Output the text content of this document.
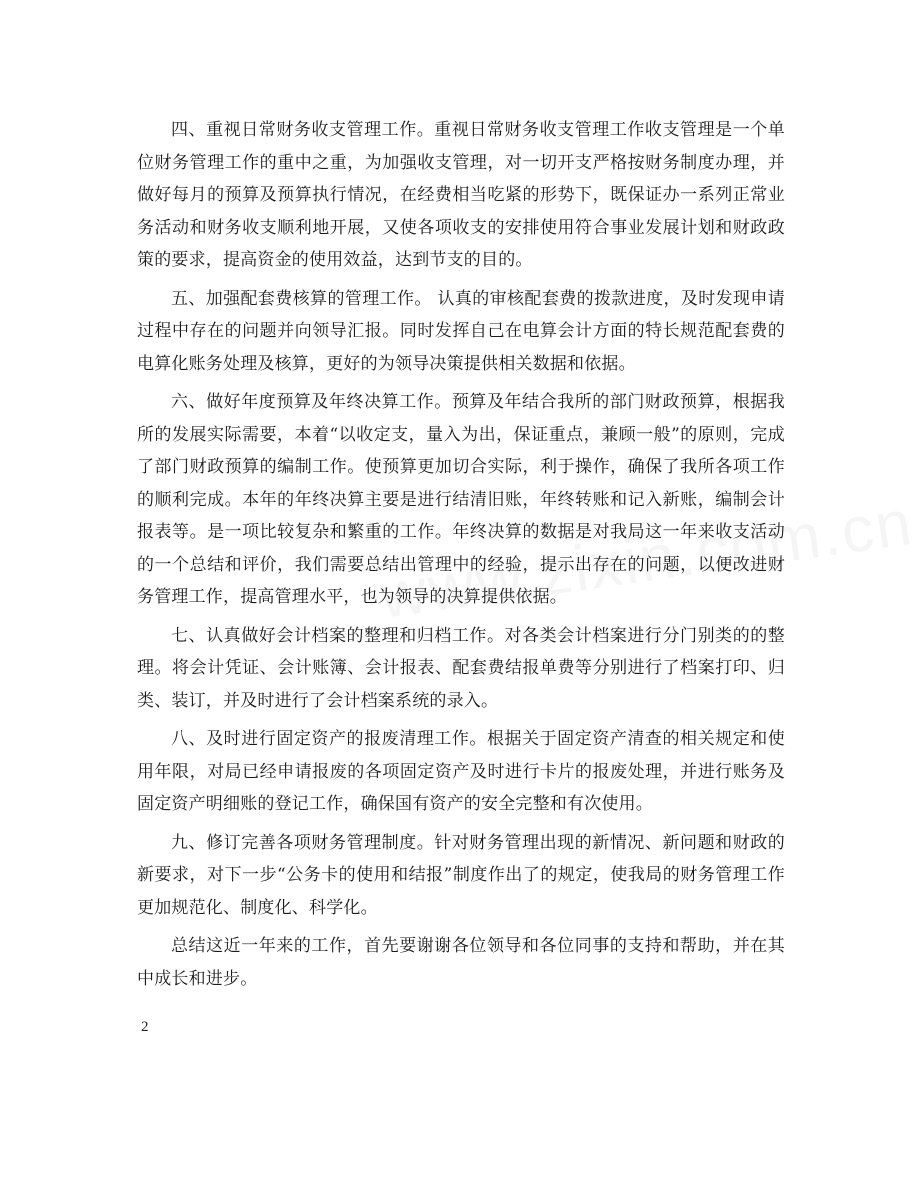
四、重视日常财务收支管理工作。重视日常财务收支管理工作收支管理是一个单位财务管理工作的重中之重，为加强收支管理，对一切开支严格按财务制度办理，并做好每月的预算及预算执行情况，在经费相当吃紧的形势下，既保证办一系列正常业务活动和财务收支顺利地开展，又使各项收支的安排使用符合事业发展计划和财政政策的要求，提高资金的使用效益，达到节支的目的。

五、加强配套费核算的管理工作。 认真的审核配套费的拨款进度，及时发现申请过程中存在的问题并向领导汇报。同时发挥自己在电算会计方面的特长规范配套费的电算化账务处理及核算，更好的为领导决策提供相关数据和依据。

六、做好年度预算及年终决算工作。预算及年结合我所的部门财政预算，根据我所的发展实际需要，本着“以收定支，量入为出，保证重点，兼顾一般”的原则，完成了部门财政预算的编制工作。使预算更加切合实际，利于操作，确保了我所各项工作的顺利完成。本年的年终决算主要是进行结清旧账，年终转账和记入新账，编制会计报表等。是一项比较复杂和繁重的工作。年终决算的数据是对我局这一年来收支活动的一个总结和评价，我们需要总结出管理中的经验，提示出存在的问题，以便改进财务管理工作，提高管理水平，也为领导的决算提供依据。

七、认真做好会计档案的整理和归档工作。对各类会计档案进行分门别类的的整理。将会计凭证、会计账簿、会计报表、配套费结报单费等分别进行了档案打印、归类、装订，并及时进行了会计档案系统的录入。

八、及时进行固定资产的报废清理工作。根据关于固定资产清查的相关规定和使用年限，对局已经申请报废的各项固定资产及时进行卡片的报废处理，并进行账务及固定资产明细账的登记工作，确保国有资产的安全完整和有次使用。

九、修订完善各项财务管理制度。针对财务管理出现的新情况、新问题和财政的新要求，对下一步“公务卡的使用和结报”制度作出了的规定，使我局的财务管理工作更加规范化、制度化、科学化。

总结这近一年来的工作，首先要谢谢各位领导和各位同事的支持和帮助，并在其中成长和进步。

2
